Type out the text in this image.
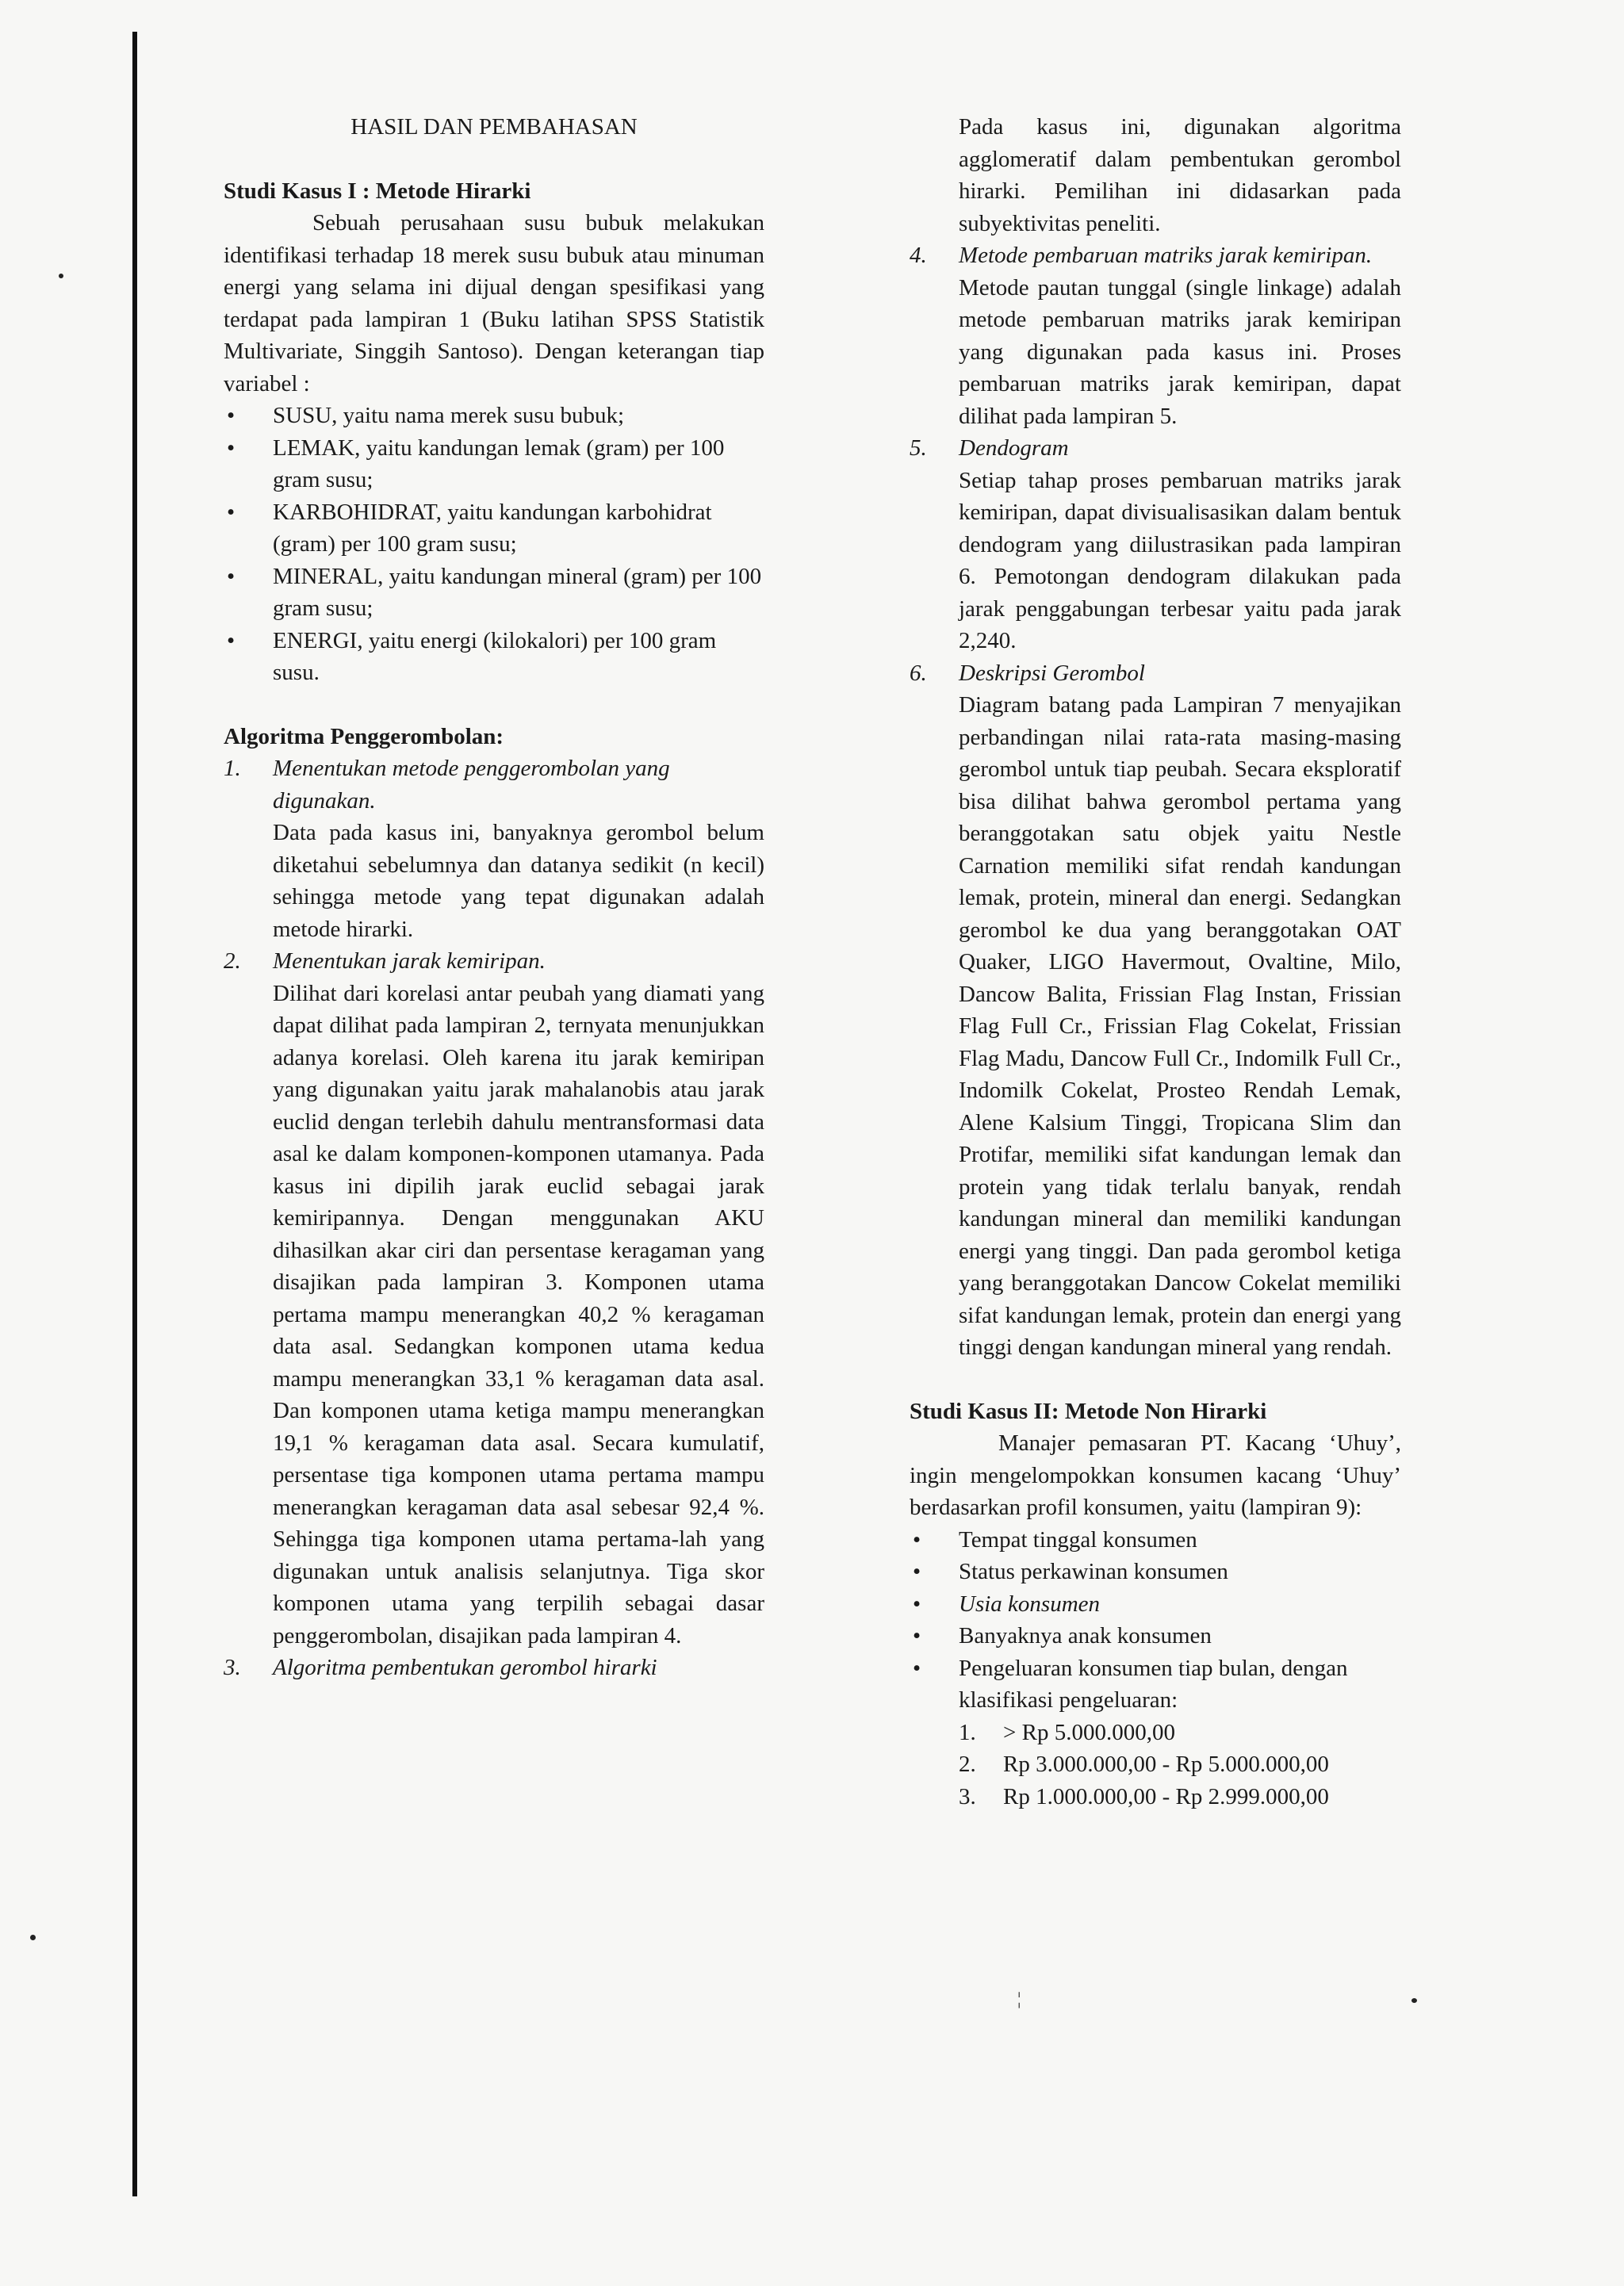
HASIL DAN PEMBAHASAN
Studi Kasus I : Metode Hirarki
Sebuah perusahaan susu bubuk melakukan identifikasi terhadap 18 merek susu bubuk atau minuman energi yang selama ini dijual dengan spesifikasi yang terdapat pada lampiran 1 (Buku latihan SPSS Statistik Multivariate, Singgih Santoso). Dengan keterangan tiap variabel :
• SUSU, yaitu nama merek susu bubuk;
• LEMAK, yaitu kandungan lemak (gram) per 100 gram susu;
• KARBOHIDRAT, yaitu kandungan karbohidrat (gram) per 100 gram susu;
• MINERAL, yaitu kandungan mineral (gram) per 100 gram susu;
• ENERGI, yaitu energi (kilokalori) per 100 gram susu.
Algoritma Penggerombolan:
1. Menentukan metode penggerombolan yang digunakan.
Data pada kasus ini, banyaknya gerombol belum diketahui sebelumnya dan datanya sedikit (n kecil) sehingga metode yang tepat digunakan adalah metode hirarki.
2. Menentukan jarak kemiripan.
Dilihat dari korelasi antar peubah yang diamati yang dapat dilihat pada lampiran 2, ternyata menunjukkan adanya korelasi. Oleh karena itu jarak kemiripan yang digunakan yaitu jarak mahalanobis atau jarak euclid dengan terlebih dahulu mentransformasi data asal ke dalam komponen-komponen utamanya. Pada kasus ini dipilih jarak euclid sebagai jarak kemiripannya. Dengan menggunakan AKU dihasilkan akar ciri dan persentase keragaman yang disajikan pada lampiran 3. Komponen utama pertama mampu menerangkan 40,2 % keragaman data asal. Sedangkan komponen utama kedua mampu menerangkan 33,1 % keragaman data asal. Dan komponen utama ketiga mampu menerangkan 19,1 % keragaman data asal. Secara kumulatif, persentase tiga komponen utama pertama mampu menerangkan keragaman data asal sebesar 92,4 %. Sehingga tiga komponen utama pertama-lah yang digunakan untuk analisis selanjutnya. Tiga skor komponen utama yang terpilih sebagai dasar penggerombolan, disajikan pada lampiran 4.
3. Algoritma pembentukan gerombol hirarki
Pada kasus ini, digunakan algoritma agglomeratif dalam pembentukan gerombol hirarki. Pemilihan ini didasarkan pada subyektivitas peneliti.
4. Metode pembaruan matriks jarak kemiripan.
Metode pautan tunggal (single linkage) adalah metode pembaruan matriks jarak kemiripan yang digunakan pada kasus ini. Proses pembaruan matriks jarak kemiripan, dapat dilihat pada lampiran 5.
5. Dendogram
Setiap tahap proses pembaruan matriks jarak kemiripan, dapat divisualisasikan dalam bentuk dendogram yang diilustrasikan pada lampiran 6. Pemotongan dendogram dilakukan pada jarak penggabungan terbesar yaitu pada jarak 2,240.
6. Deskripsi Gerombol
Diagram batang pada Lampiran 7 menyajikan perbandingan nilai rata-rata masing-masing gerombol untuk tiap peubah. Secara eksploratif bisa dilihat bahwa gerombol pertama yang beranggotakan satu objek yaitu Nestle Carnation memiliki sifat rendah kandungan lemak, protein, mineral dan energi. Sedangkan gerombol ke dua yang beranggotakan OAT Quaker, LIGO Havermout, Ovaltine, Milo, Dancow Balita, Frissian Flag Instan, Frissian Flag Full Cr., Frissian Flag Cokelat, Frissian Flag Madu, Dancow Full Cr., Indomilk Full Cr., Indomilk Cokelat, Prosteo Rendah Lemak, Alene Kalsium Tinggi, Tropicana Slim dan Protifar, memiliki sifat kandungan lemak dan protein yang tidak terlalu banyak, rendah kandungan mineral dan memiliki kandungan energi yang tinggi. Dan pada gerombol ketiga yang beranggotakan Dancow Cokelat memiliki sifat kandungan lemak, protein dan energi yang tinggi dengan kandungan mineral yang rendah.
Studi Kasus II: Metode Non Hirarki
Manajer pemasaran PT. Kacang ‘Uhuy’, ingin mengelompokkan konsumen kacang ‘Uhuy’ berdasarkan profil konsumen, yaitu (lampiran 9):
• Tempat tinggal konsumen
• Status perkawinan konsumen
• Usia konsumen
• Banyaknya anak konsumen
• Pengeluaran konsumen tiap bulan, dengan klasifikasi pengeluaran:
1. > Rp 5.000.000,00
2. Rp 3.000.000,00 - Rp 5.000.000,00
3. Rp 1.000.000,00 - Rp 2.999.000,00
¦
